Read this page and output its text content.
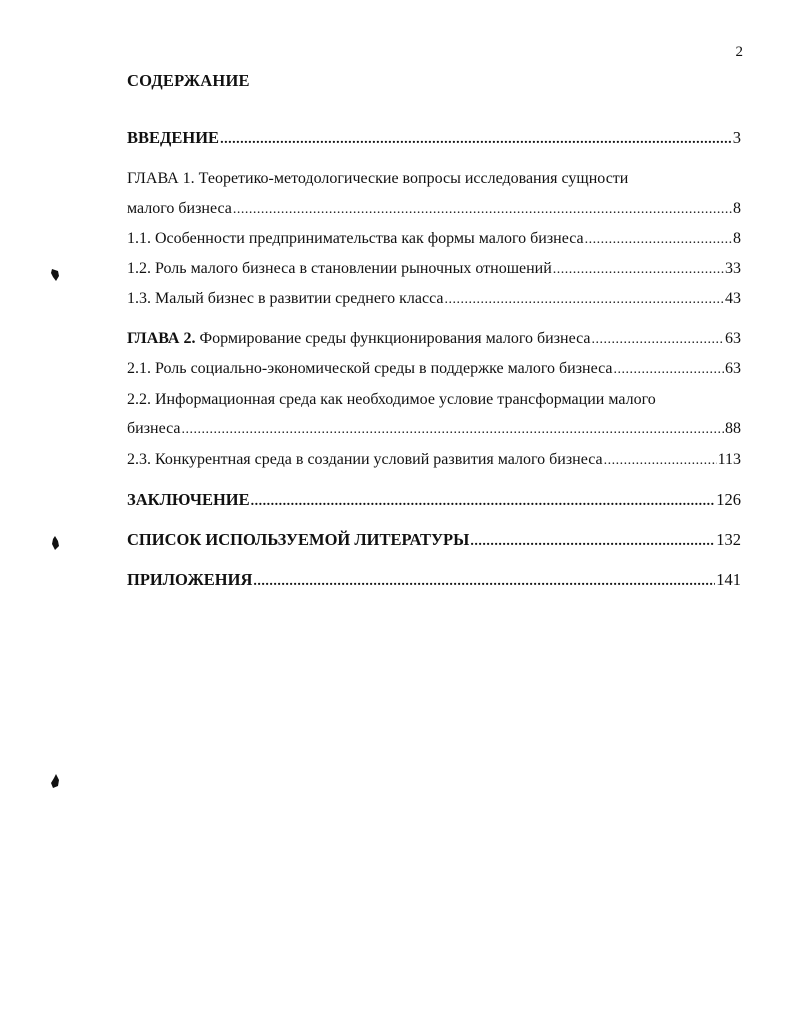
2
СОДЕРЖАНИЕ
ВВЕДЕНИЕ .....	3
ГЛАВА 1. Теоретико-методологические вопросы исследования сущности
малого бизнеса .....	8
1.1. Особенности предпринимательства как формы малого бизнеса .....	8
1.2. Роль малого бизнеса в становлении рыночных отношений .....	33
1.3. Малый бизнес в развитии среднего класса .....	43
ГЛАВА 2. Формирование среды функционирования малого бизнеса .....	63
2.1. Роль социально-экономической среды в поддержке малого бизнеса .....	63
2.2. Информационная среда как необходимое условие трансформации малого
бизнеса .....	88
2.3. Конкурентная среда в создании условий развития малого бизнеса .....	113
ЗАКЛЮЧЕНИЕ .....	126
СПИСОК ИСПОЛЬЗУЕМОЙ ЛИТЕРАТУРЫ .....	132
ПРИЛОЖЕНИЯ .....	141
